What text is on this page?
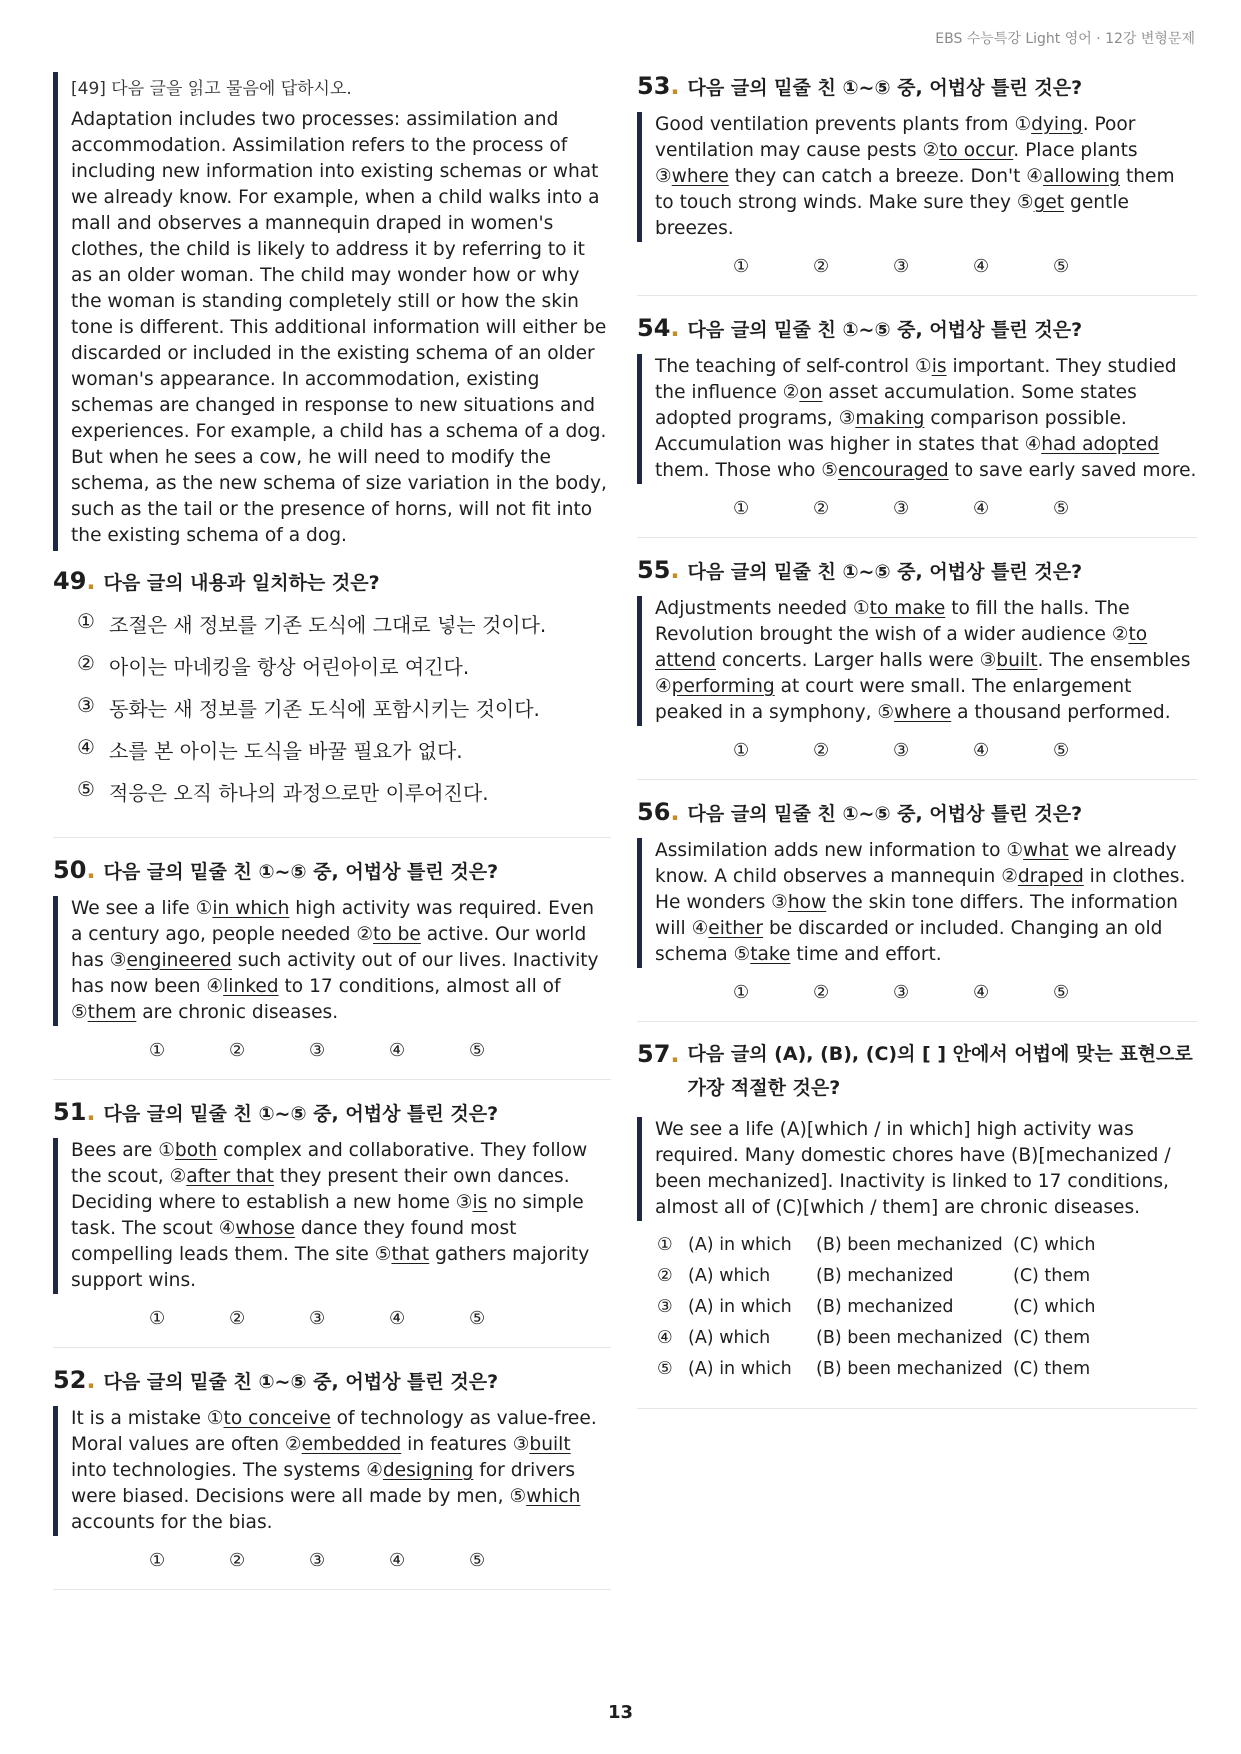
EBS 수능특강 Light 영어 · 12강 변형문제
[49] 다음 글을 읽고 물음에 답하시오.
Adaptation includes two processes: assimilation and accommodation. Assimilation refers to the process of including new information into existing schemas or what we already know. For example, when a child walks into a mall and observes a mannequin draped in women's clothes, the child is likely to address it by referring to it as an older woman. The child may wonder how or why the woman is standing completely still or how the skin tone is different. This additional information will either be discarded or included in the existing schema of an older woman's appearance. In accommodation, existing schemas are changed in response to new situations and experiences. For example, a child has a schema of a dog. But when he sees a cow, he will need to modify the schema, as the new schema of size variation in the body, such as the tail or the presence of horns, will not fit into the existing schema of a dog.
49 . 다음 글의 내용과 일치하는 것은?
① 조절은 새 정보를 기존 도식에 그대로 넣는 것이다.
② 아이는 마네킹을 항상 어린아이로 여긴다.
③ 동화는 새 정보를 기존 도식에 포함시키는 것이다.
④ 소를 본 아이는 도식을 바꿀 필요가 없다.
⑤ 적응은 오직 하나의 과정으로만 이루어진다.
50 . 다음 글의 밑줄 친 ①~⑤ 중, 어법상 틀린 것은?
We see a life ①in which high activity was required. Even a century ago, people needed ②to be active. Our world has ③engineered such activity out of our lives. Inactivity has now been ④linked to 17 conditions, almost all of ⑤them are chronic diseases.
①	②	③	④	⑤
51 . 다음 글의 밑줄 친 ①~⑤ 중, 어법상 틀린 것은?
Bees are ①both complex and collaborative. They follow the scout, ②after that they present their own dances. Deciding where to establish a new home ③is no simple task. The scout ④whose dance they found most compelling leads them. The site ⑤that gathers majority support wins.
①	②	③	④	⑤
52 . 다음 글의 밑줄 친 ①~⑤ 중, 어법상 틀린 것은?
It is a mistake ①to conceive of technology as value-free. Moral values are often ②embedded in features ③built into technologies. The systems ④designing for drivers were biased. Decisions were all made by men, ⑤which accounts for the bias.
①	②	③	④	⑤
53 . 다음 글의 밑줄 친 ①~⑤ 중, 어법상 틀린 것은?
Good ventilation prevents plants from ①dying. Poor ventilation may cause pests ②to occur. Place plants ③where they can catch a breeze. Don't ④allowing them to touch strong winds. Make sure they ⑤get gentle breezes.
①	②	③	④	⑤
54 . 다음 글의 밑줄 친 ①~⑤ 중, 어법상 틀린 것은?
The teaching of self-control ①is important. They studied the influence ②on asset accumulation. Some states adopted programs, ③making comparison possible. Accumulation was higher in states that ④had adopted them. Those who ⑤encouraged to save early saved more.
①	②	③	④	⑤
55 . 다음 글의 밑줄 친 ①~⑤ 중, 어법상 틀린 것은?
Adjustments needed ①to make to fill the halls. The Revolution brought the wish of a wider audience ②to attend concerts. Larger halls were ③built. The ensembles ④performing at court were small. The enlargement peaked in a symphony, ⑤where a thousand performed.
①	②	③	④	⑤
56 . 다음 글의 밑줄 친 ①~⑤ 중, 어법상 틀린 것은?
Assimilation adds new information to ①what we already know. A child observes a mannequin ②draped in clothes. He wonders ③how the skin tone differs. The information will ④either be discarded or included. Changing an old schema ⑤take time and effort.
①	②	③	④	⑤
57 . 다음 글의 (A), (B), (C)의 [ ] 안에서 어법에 맞는 표현으로 가장 적절한 것은?
We see a life (A)[which / in which] high activity was required. Many domestic chores have (B)[mechanized / been mechanized]. Inactivity is linked to 17 conditions, almost all of (C)[which / them] are chronic diseases.
① (A) in which	(B) been mechanized (C) which
② (A) which	(B) mechanized	(C) them
③ (A) in which	(B) mechanized	(C) which
④ (A) which	(B) been mechanized (C) them
⑤ (A) in which	(B) been mechanized (C) them
13
